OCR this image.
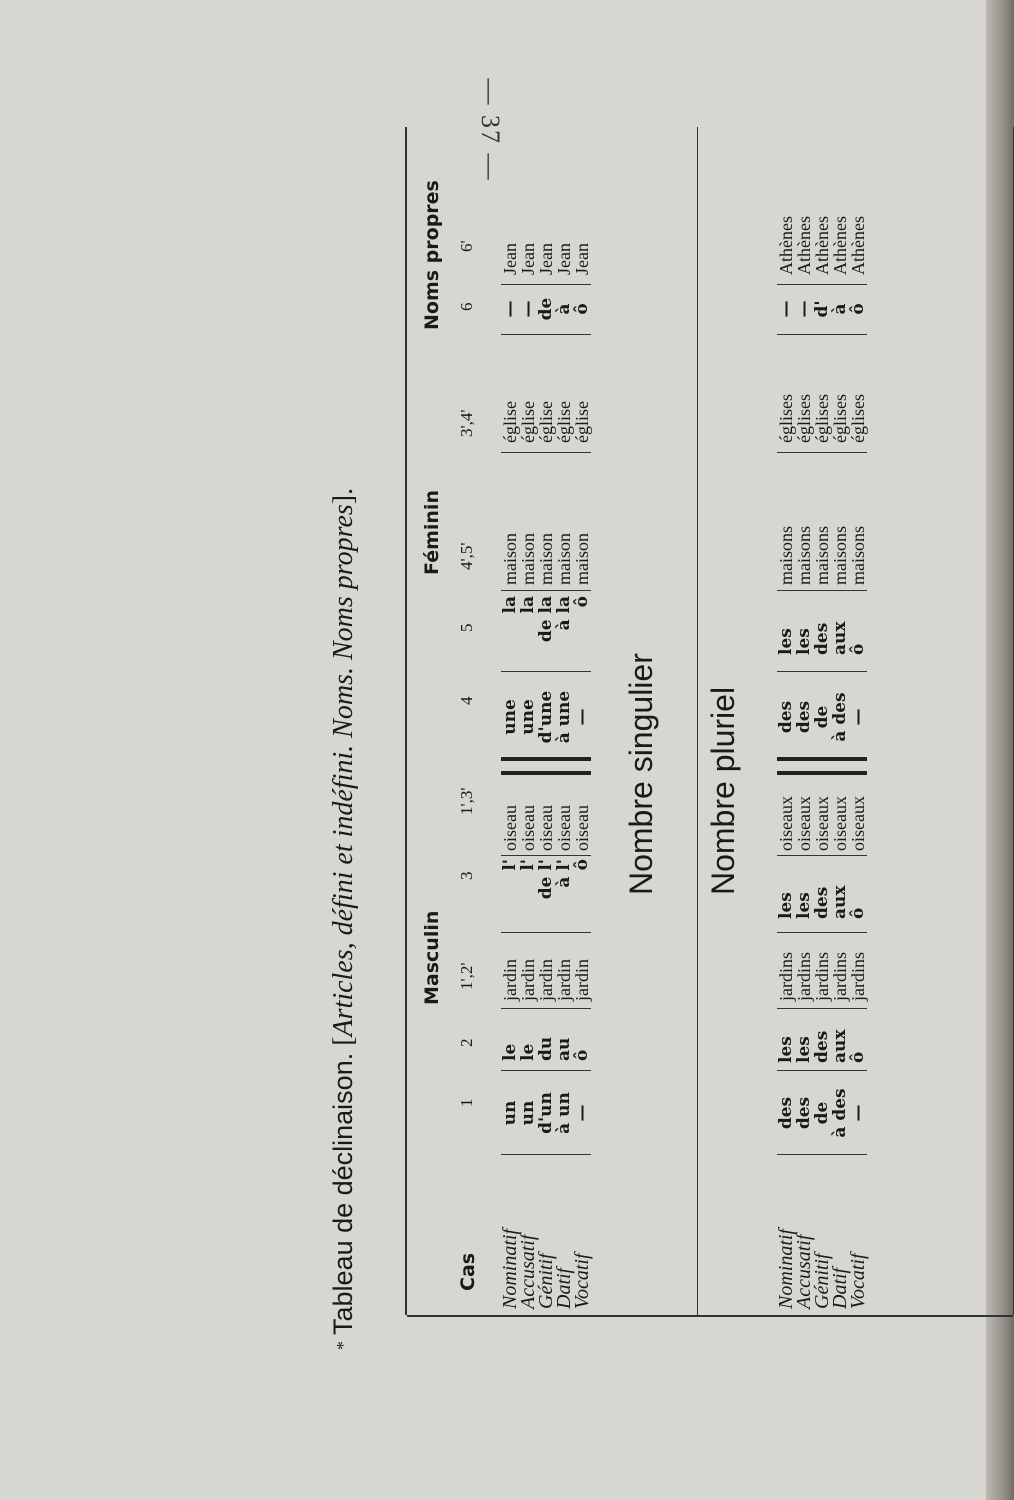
— 37 —
*Tableau de déclinaison. [Articles, défini et indéfini. Noms. Noms propres].
Masculin
Féminin
Noms propres
1
2
1',2'
3
1',3'
4
5
4',5'
3',4'
6
6'
Cas Nominatif
Accusatif
Génitif
Datif
Vocatif
un
un
d'un
à un
—
le
le
du
au
ô
jardin
jardin
jardin
jardin
jardin
l'
l'
de l'
à l'
ô
oiseau
oiseau
oiseau
oiseau
oiseau
une
une
d'une
à une
—
la
la
de la
à la
ô
maison
maison
maison
maison
maison
église
église
église
église
église
—
—
de
à
ô
Jean
Jean
Jean
Jean
Jean
Nombre singulier Nombre pluriel
Nominatif
Accusatif
Génitif
Datif
Vocatif
des
des
de
à des
—
les
les
des
aux
ô
jardins
jardins
jardins
jardins
jardins
les
les
des
aux
ô
oiseaux
oiseaux
oiseaux
oiseaux
oiseaux
des
des
de
à des
—
les
les
des
aux
ô
maisons
maisons
maisons
maisons
maisons
églises
églises
églises
églises
églises
—
—
d'
à
ô
Athènes
Athènes
Athènes
Athènes
Athènes
